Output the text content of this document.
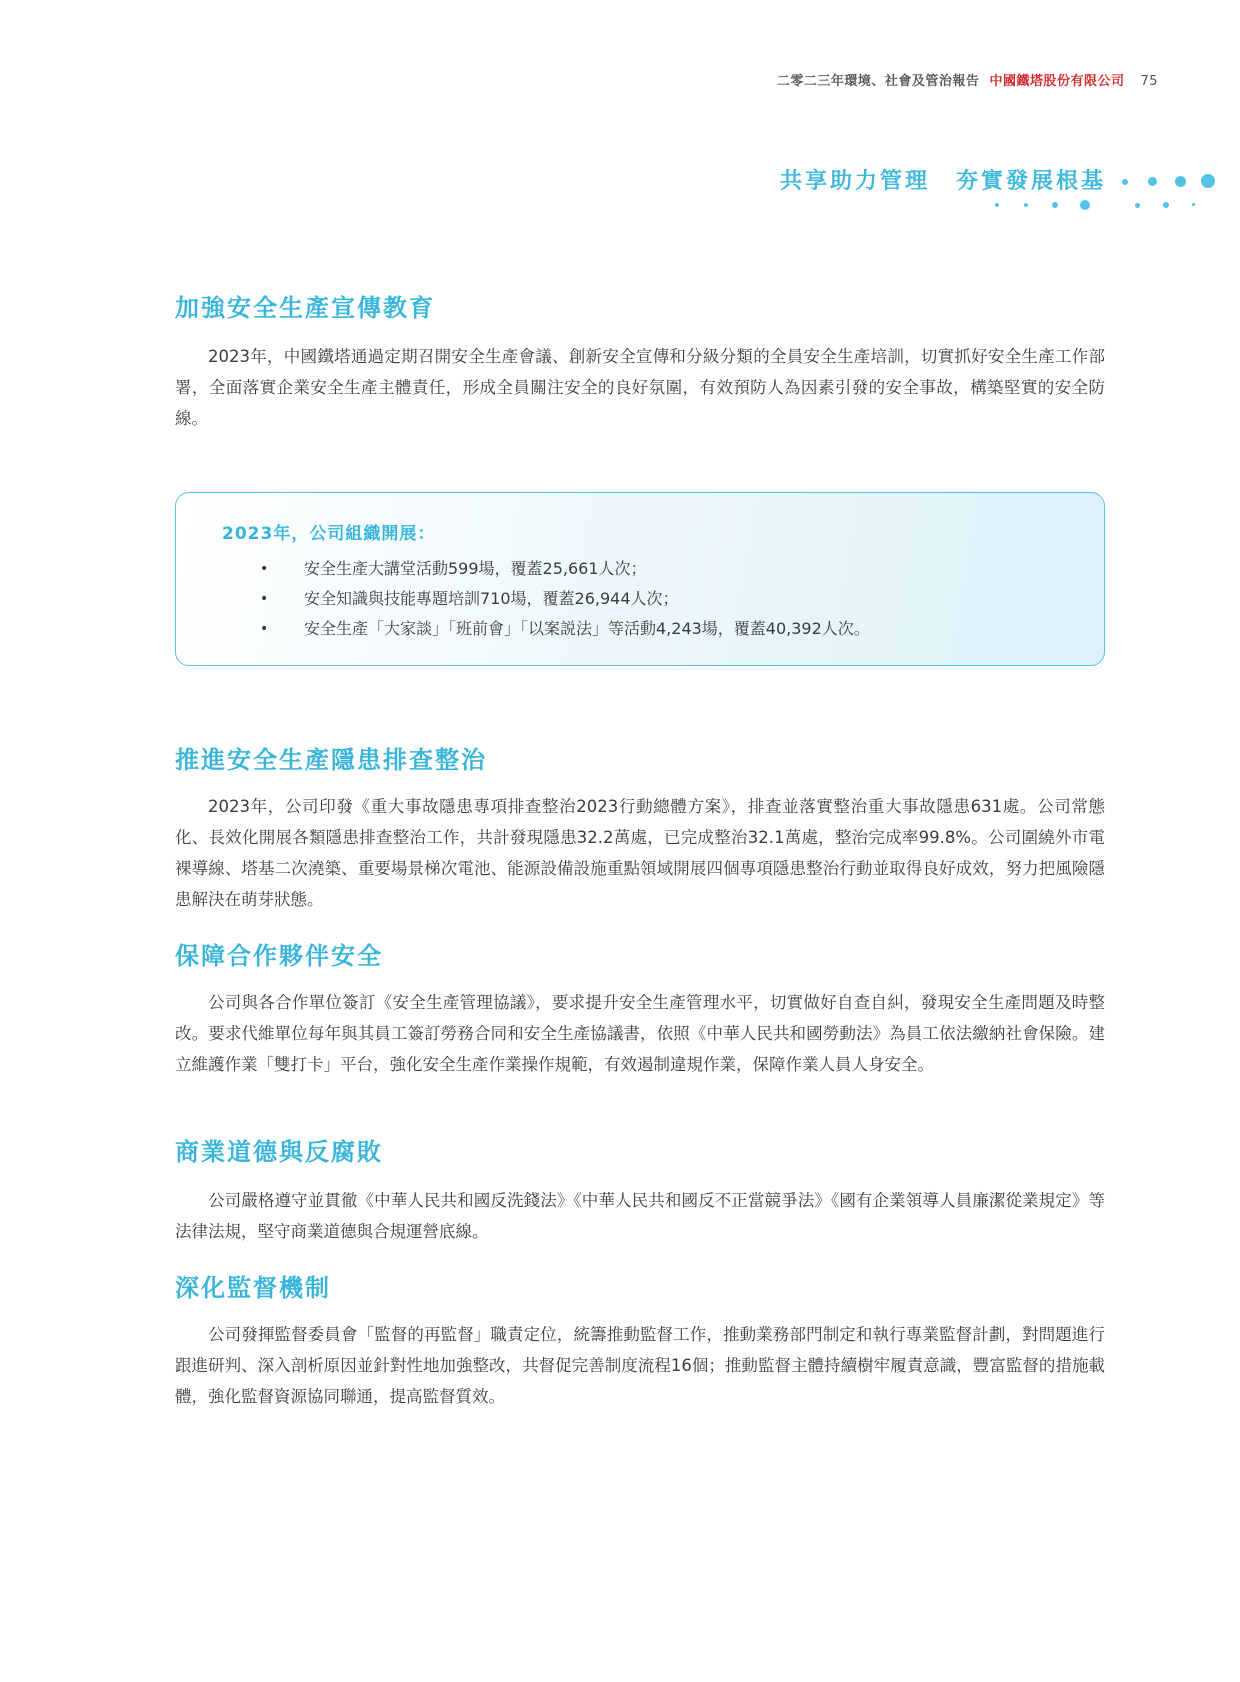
二零二三年環境、社會及管治報告 中國鐵塔股份有限公司 75
共享助力管理 夯實發展根基
加強安全生產宣傳教育

2023年，中國鐵塔通過定期召開安全生產會議、創新安全宣傳和分級分類的全員安全生產培訓，切實抓好安全生產工作部署，全面落實企業安全生產主體責任，形成全員關注安全的良好氛圍，有效預防人為因素引發的安全事故，構築堅實的安全防線。

2023年，公司組織開展：
• 安全生產大講堂活動599場，覆蓋25,661人次；
• 安全知識與技能專題培訓710場，覆蓋26,944人次；
• 安全生產「大家談」「班前會」「以案説法」等活動4,243場，覆蓋40,392人次。
推進安全生產隱患排查整治

2023年，公司印發《重大事故隱患專項排查整治2023行動總體方案》，排查並落實整治重大事故隱患631處。公司常態化、長效化開展各類隱患排查整治工作，共計發現隱患32.2萬處，已完成整治32.1萬處，整治完成率99.8%。公司圍繞外市電裸導線、塔基二次澆築、重要場景梯次電池、能源設備設施重點領域開展四個專項隱患整治行動並取得良好成效，努力把風險隱患解決在萌芽狀態。

保障合作夥伴安全

公司與各合作單位簽訂《安全生產管理協議》，要求提升安全生產管理水平，切實做好自查自糾，發現安全生產問題及時整改。要求代維單位每年與其員工簽訂勞務合同和安全生產協議書，依照《中華人民共和國勞動法》為員工依法繳納社會保險。建立維護作業「雙打卡」平台，強化安全生產作業操作規範，有效遏制違規作業，保障作業人員人身安全。

商業道德與反腐敗

公司嚴格遵守並貫徹《中華人民共和國反洗錢法》《中華人民共和國反不正當競爭法》《國有企業領導人員廉潔從業規定》等法律法規，堅守商業道德與合規運營底線。

深化監督機制

公司發揮監督委員會「監督的再監督」職責定位，統籌推動監督工作，推動業務部門制定和執行專業監督計劃，對問題進行跟進研判、深入剖析原因並針對性地加強整改，共督促完善制度流程16個；推動監督主體持續樹牢履責意識，豐富監督的措施載體，強化監督資源協同聯通，提高監督質效。
